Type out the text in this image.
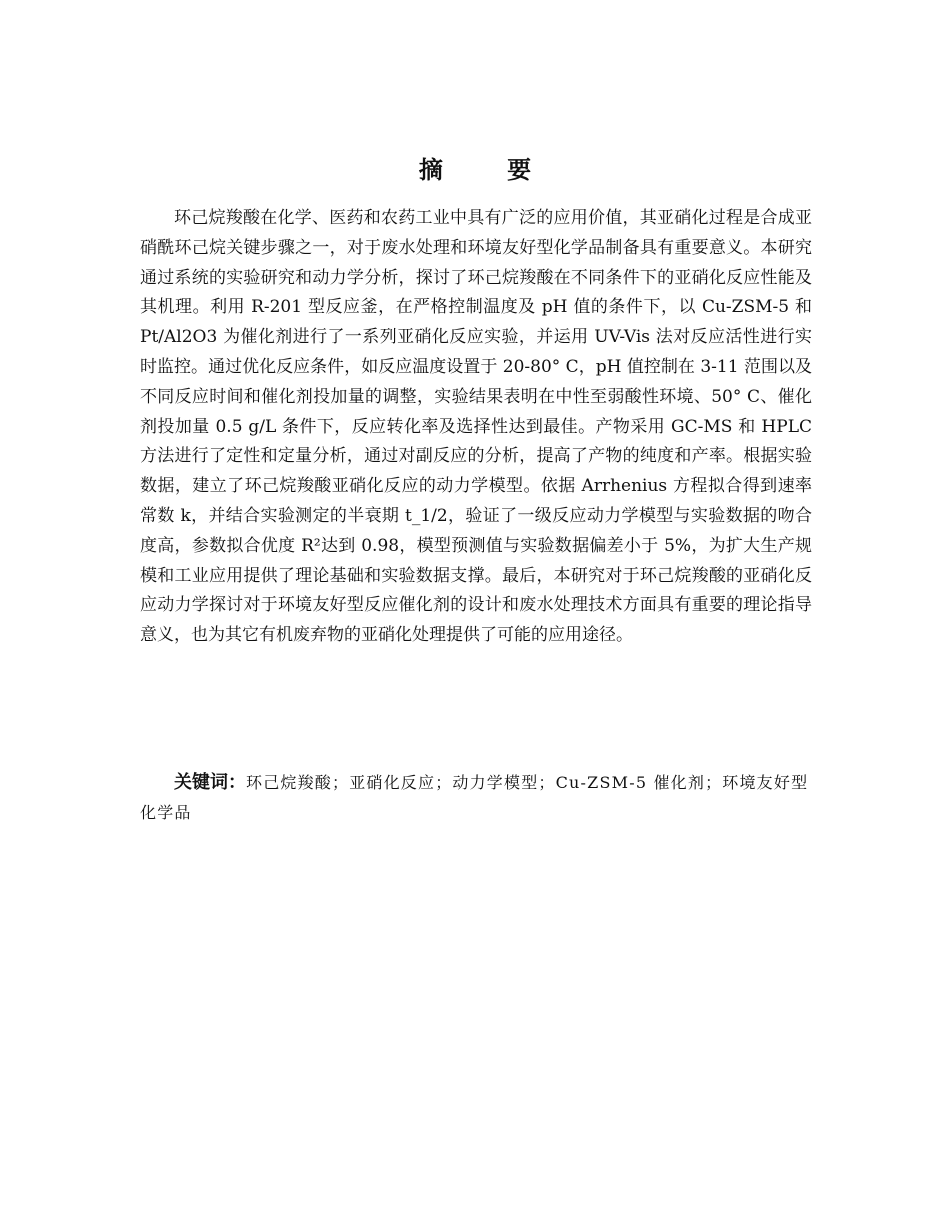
摘 要

环己烷羧酸在化学、医药和农药工业中具有广泛的应用价值，其亚硝化过程是合成亚硝酰环己烷关键步骤之一，对于废水处理和环境友好型化学品制备具有重要意义。本研究通过系统的实验研究和动力学分析，探讨了环己烷羧酸在不同条件下的亚硝化反应性能及其机理。利用 R-201 型反应釜，在严格控制温度及 pH 值的条件下，以 Cu-ZSM-5 和 Pt/Al2O3 为催化剂进行了一系列亚硝化反应实验，并运用 UV-Vis 法对反应活性进行实时监控。通过优化反应条件，如反应温度设置于 20-80° C，pH 值控制在 3-11 范围以及不同反应时间和催化剂投加量的调整，实验结果表明在中性至弱酸性环境、50° C、催化剂投加量 0.5 g/L 条件下，反应转化率及选择性达到最佳。产物采用 GC-MS 和 HPLC 方法进行了定性和定量分析，通过对副反应的分析，提高了产物的纯度和产率。根据实验数据，建立了环己烷羧酸亚硝化反应的动力学模型。依据 Arrhenius 方程拟合得到速率常数 k，并结合实验测定的半衰期 t_1/2，验证了一级反应动力学模型与实验数据的吻合度高，参数拟合优度 R²达到 0.98，模型预测值与实验数据偏差小于 5%，为扩大生产规模和工业应用提供了理论基础和实验数据支撑。最后，本研究对于环己烷羧酸的亚硝化反应动力学探讨对于环境友好型反应催化剂的设计和废水处理技术方面具有重要的理论指导意义，也为其它有机废弃物的亚硝化处理提供了可能的应用途径。

关键词：环己烷羧酸；亚硝化反应；动力学模型；Cu-ZSM-5 催化剂；环境友好型化学品
